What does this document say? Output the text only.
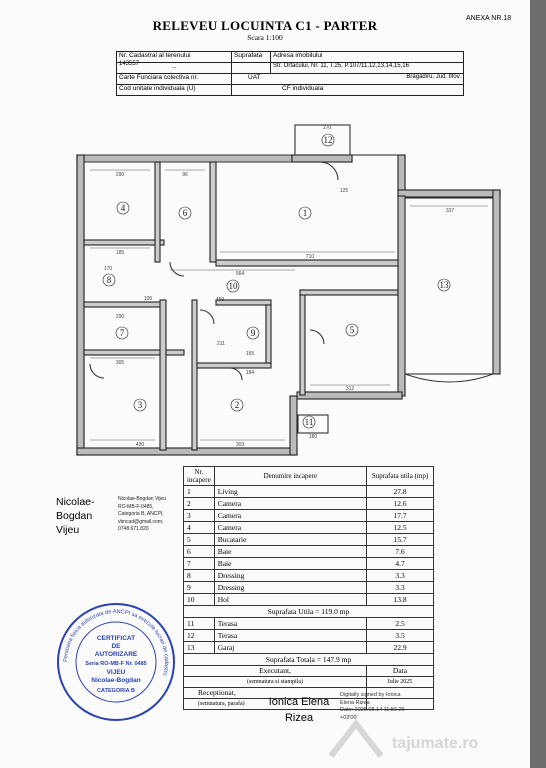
ANEXA NR.18
RELEVEU LOCUINTA C1 - PARTER
Scara 1:100
Nr. Cadastral al terenului	Suprafata	Adresa imobilului

143557 ...		Str. Ortacului, Nr. 11, T.25, P.107/11,12,13,14,15,16
Carte Funciara colectiva nr.	UAT Bragadiru, Jud. Ilfov.	

Cod unitate individuala (U)	CF individuala	
270
290	96
337
185
170
564
459
710
290
305
211
184
165
312
430	303
180
125
105
1
2
3
4
5
6
7
8
9
10
11
12
13
Nicolae-
Bogdan
Vijeu
Nicolae-Bogdan Vijeu
RO-MB-F-0485,
Categoria B, ANCPI,
vbncad@gmail.com,
0748.671.820
Persoana fizica autorizata de ANCPI sa execute lucrari de cadastru
CERTIFICAT
DE
AUTORIZARE
Seria RO-MB-F Nr. 0485
VIJEU
Nicolae-Bogdan
CATEGORIA B
Nr. incapere	Denumire incapere	Suprafata utila (mp)
1	Living	27.8
2	Camera	12.6
3	Camera	17.7
4	Camera	12.5
5	Bucatarie	15.7
6	Baie	7.6
7	Baie	4.7
8	Dressing	3.3
9	Dressing	3.3
10	Hol	13.8
Suprafata Utila = 119.0 mp		
11	Terasa	2.5
12	Terasa	3.5
13	Garaj	22.9
Suprafata Totala = 147.9 mp		
Executant,		Data
(semnatura si stampila)		Iulie 2025
Receptionat,		
(semnatura, parafa)			Ionica Elena
Rizea
Digitally signed by Ionica
Elena Rizea
Date: 2025.08.14 11:56:26
+03'00'
tajumate.ro
